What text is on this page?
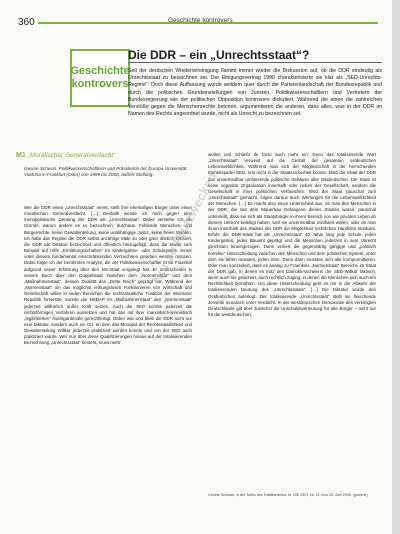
360	Geschichte kontrovers
Geschichte
kontrovers
Die DDR – ein „Unrechtsstaat“?
Seit der deutschen Wiedervereinigung flammt immer wieder die Diskussion auf, ob die DDR eindeutig als Unrechtsstaat zu bezeichnen sei. Der Einigungsvertrag 1990 charakterisierte sie klar als „SED-Unrechts-Regime“. Doch diese Auffassung wurde seitdem quer durch die Parteienlandschaft der Bundesrepublik und durch die politischen Grundeinstellungen von Juristen, Politikwissenschaftlern und Vertretern der Bundesregierung wie der politischen Opposition kontrovers diskutiert. Während die einen die zahlreichen Verstöße gegen die Menschenrechte betonen, argumentieren die anderen, dass alles, was in der DDR im Namen des Rechts angeordnet wurde, nicht als Unrecht zu bezeichnen sei.
M1 „Moralischer Generalverdacht“
Gesine Schwan, Politikwissenschaftlerin und Präsidentin der Europa-Universität Viadrina in Frankfurt (Oder) von 1999 bis 2008, äußert Stellung:
Wer die DDR einen „Unrechtsstaat“ nennt, stellt ihre ehemaligen Bürger unter einen moralischen Generalverdacht. […] Deshalb wende ich mich gegen eine monopolistische Deutung der DDR als „Unrechtsstaat“. Dabei verstehe ich die Gründe, warum andere es so bezeichnen, durchaus. Fehlende Menschen- und Bürgerrechte, keine Gewaltenteilung, keine unabhängige Justiz, keine freien Wahlen. Ich habe das Regime der DDR selbst unzählige Male so oder ganz ähnlich kritisiert, die DDR als Diktatur bezeichnet und öffentlich hinzugefügt, dass die etwas zum Beispiel auf Hilfe „Ermittlungsschaften“ im Kindergarten- oder Schulsystem immer unter diesem fundamental einschränkenden Verzeichnen gesehen werden müssen. Dabei folgte ich der berühmten Analyse, die der Politikwissenschaftler Ernst Fraenkel aufgrund seiner Erfahrung über den NS-Staat vorgelegt hat. Er unterscheidet in seinem Buch über den Doppelstaat zwischen dem „Normenstaat“ und dem „Maßnahmenstaat“, dessen Dualität das „Dritte Reich“ geprägt hat. Während der „Normenstaat“ um das möglichst reibungslosen Funktionieren von Wirtschaft und Gesellschaft willen in vielen Bereichen die rechtsstaatliche Tradition der Weimarer Republik fortsetzte, konnte die NSDAP im „Maßnahmenstaat“ den „Normenstaat“ jederzeit willkürlich außer Kraft setzen. Auch die SED konnte jederzeit die rechtsförmigen Verfahren aussetzen und hat das mit ihrer marxistisch-leninistisch „legitimierten“ Avantgarderolle gerechtfertigt. Daher war und blieb die DDR nicht nur eine Diktatur, sondern auch ein Ort, an dem das Monopol der Rechtsstaatlichkeit und Gewaltenteilung Willkür jederzeit praktiziert werden konnte und von der SED auch praktiziert wurde. Wer nun über diese Qualifizierungen hinaus auf der totalisierenden Bezeichnung „Unrechtsstaat“ besteht, muss mehr
wollen und schließt de facto auch mehr ein: Denn das totalisierende Wort „Unrechtsstaat“ verweist auf die Gestalt der gesamten ostdeutschen Lebenswirklichkeit. Während man sich der Mitgliedschaft in der herrschenden Einheitspartei SED, erst recht in der Staatssicherheit konnte, blieb der Staat der DDR das unvermeidbar umfassende politische Gehäuse aller Ostdeutschen. Der Staat ist keine separate Organisation innerhalb oder neben der Gesellschaft, sondern die Gesellschaft in ihrer politischen Verfasstheit. Wird der Staat pauschal zum „Unrechtsstaat“ gemacht, folgen daraus auch Wertungen für die Lebenswirklichkeit der Menschen. […] Es macht also einen Unterschied aus, ob man den Menschen in der DDR, die seit dem Mauerbau Gefangene dieses Staates waren, pauschal unterstellt, dass sie sich als Staatsbürger in ihrem Bereich von wie privaten Leben an diesem Unrecht beteiligt haben, weil sie unvermeidbar involviert waren, oder ob man ihnen innerhalb des Staates der DDR die Möglichkeit rechtlichen Handelns einräumt. Erfuhr der DDR-Staat hat als „Unrechtsstaat“ 40 Jahre lang jede Schule, jeden Kindergarten, jedes Bauamt geprägt und die Menschen jederzeit in sein Unrecht gleichsam hineingezogen. Dann verliert die gegenwärtig gängige und „politisch korrekte“ Unterscheidung zwischen den Menschen und dem politischen System, unter dem sie leben mussten, jeden Sinn. Denn dann mussten sich alle kompromittieren. Oder man konzediert, dass es analog zu Fraenkels „Normenstaat“ Bereiche im Staat der DDR gab, in denen es trotz des Damoklesschwerts der SED-Willkür faktisch, wenn auch nie gesichert, auch rechtlich zuging, in denen die Menschen sich auch um Rechtlichkeit bemühten. Um diese Unterscheidung geht es mir in der Abwehr der totalisierenden Deutung des „Unrechtsstaats“. […] Die Diktatur wurde den Ostdeutschen auferlegt. Der totalisierende „Unrechtsstaat“ stellt sie fleischende Jenseits moralisch unter Verdacht. In der westdeutschen Demokratie des vereinigten Deutschlands gilt aber zunächst die Unschuldsvermutung für alle Bürger – nicht nur für die westdeutschen.
Nur zu Prüfzwecken
Gesine Schwan, in der Tulles des Totalitarismus, in: DIE ZEIT, Nr. 21 vom 25. Juni 2009, (gekürzt)
